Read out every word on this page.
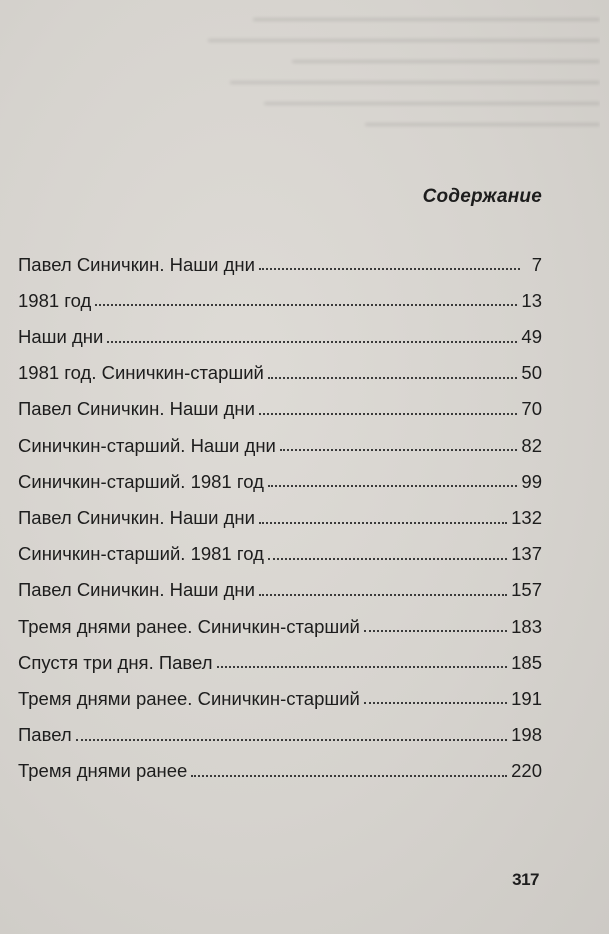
Содержание
Павел Синичкин. Наши дни	7
1981 год	13
Наши дни	49
1981 год. Синичкин-старший	50
Павел Синичкин. Наши дни	70
Синичкин-старший. Наши дни	82
Синичкин-старший. 1981 год	99
Павел Синичкин. Наши дни	132
Синичкин-старший. 1981 год	137
Павел Синичкин. Наши дни	157
Тремя днями ранее. Синичкин-старший	183
Спустя три дня. Павел	185
Тремя днями ранее. Синичкин-старший	191
Павел	198
Тремя днями ранее	220
317
